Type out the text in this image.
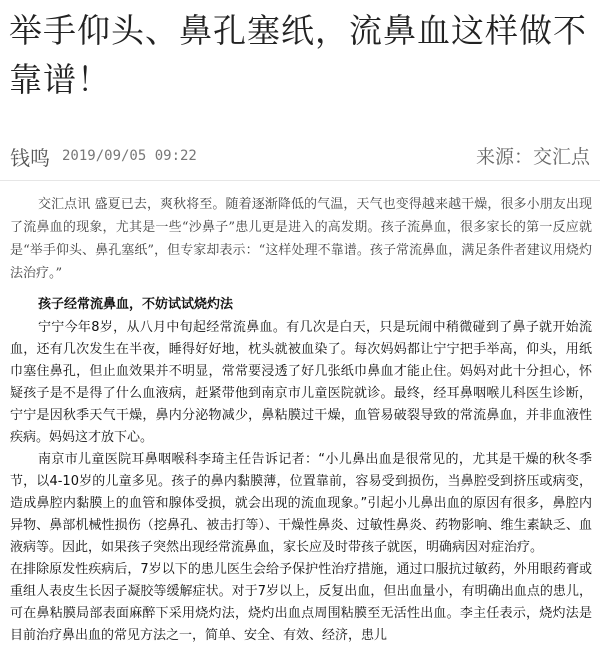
举手仰头、鼻孔塞纸，流鼻血这样做不靠谱！
钱鸣 2019/09/05 09:22	来源：交汇点

交汇点讯 盛夏已去，爽秋将至。随着逐渐降低的气温，天气也变得越来越干燥，很多小朋友出现了流鼻血的现象，尤其是一些“沙鼻子”患儿更是进入的高发期。孩子流鼻血，很多家长的第一反应就是“举手仰头、鼻孔塞纸”，但专家却表示：“这样处理不靠谱。孩子常流鼻血，满足条件者建议用烧灼法治疗。”

孩子经常流鼻血，不妨试试烧灼法

宁宁今年8岁，从八月中旬起经常流鼻血。有几次是白天，只是玩闹中稍微碰到了鼻子就开始流血，还有几次发生在半夜，睡得好好地，枕头就被血染了。每次妈妈都让宁宁把手举高，仰头，用纸巾塞住鼻孔，但止血效果并不明显，常常要浸透了好几张纸巾鼻血才能止住。妈妈对此十分担心，怀疑孩子是不是得了什么血液病，赶紧带他到南京市儿童医院就诊。最终，经耳鼻咽喉儿科医生诊断，宁宁是因秋季天气干燥，鼻内分泌物减少，鼻粘膜过干燥，血管易破裂导致的常流鼻血，并非血液性疾病。妈妈这才放下心。

南京市儿童医院耳鼻咽喉科李琦主任告诉记者：“小儿鼻出血是很常见的，尤其是干燥的秋冬季节，以4-10岁的儿童多见。孩子的鼻内黏膜薄，位置靠前，容易受到损伤，当鼻腔受到挤压或病变，造成鼻腔内黏膜上的血管和腺体受损，就会出现的流血现象。”引起小儿鼻出血的原因有很多，鼻腔内异物、鼻部机械性损伤（挖鼻孔、被击打等）、干燥性鼻炎、过敏性鼻炎、药物影响、维生素缺乏、血液病等。因此，如果孩子突然出现经常流鼻血，家长应及时带孩子就医，明确病因对症治疗。

在排除原发性疾病后，7岁以下的患儿医生会给予保护性治疗措施，通过口服抗过敏药，外用眼药膏或重组人表皮生长因子凝胶等缓解症状。对于7岁以上，反复出血，但出血量小，有明确出血点的患儿，可在鼻粘膜局部表面麻醉下采用烧灼法，烧灼出血点周围粘膜至无活性出血。李主任表示，烧灼法是目前治疗鼻出血的常见方法之一，简单、安全、有效、经济，患儿
